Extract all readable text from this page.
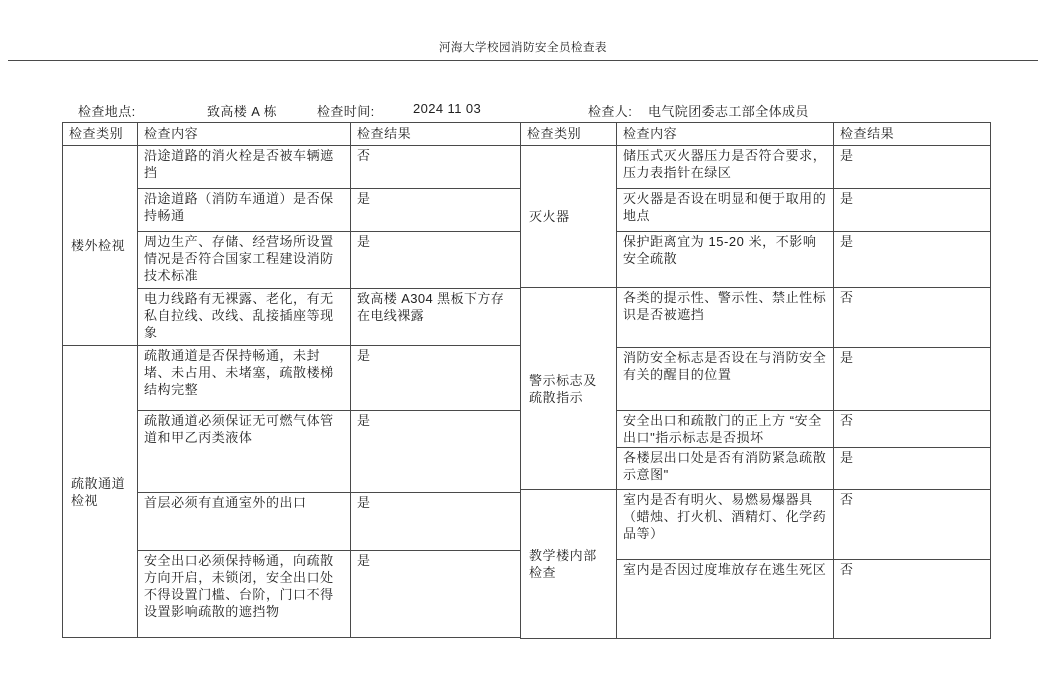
河海大学校园消防安全员检查表
检查地点:	致高楼 A 栋	检查时间:	2024 11 03	检查人: 电气院团委志工部全体成员
检查类别	检查内容	检查结果
楼外检视	沿途道路的消火栓是否被车辆遮挡	否
	沿途道路（消防车通道）是否保持畅通	是
	周边生产、存储、经营场所设置情况是否符合国家工程建设消防技术标准	是
	电力线路有无裸露、老化，有无私自拉线、改线、乱接插座等现象	致高楼 A304 黑板下方存在电线裸露
疏散通道检视	疏散通道是否保持畅通，未封堵、未占用、未堵塞，疏散楼梯结构完整	是
	疏散通道必须保证无可燃气体管道和甲乙丙类液体	是
	首层必须有直通室外的出口	是
	安全出口必须保持畅通，向疏散方向开启，未锁闭，安全出口处不得设置门槛、台阶，门口不得设置影响疏散的遮挡物	是
检查类别	检查内容	检查结果
灭火器	储压式灭火器压力是否符合要求，压力表指针在绿区	是
	灭火器是否设在明显和便于取用的地点	是
	保护距离宜为 15-20 米，不影响安全疏散	是
警示标志及疏散指示	各类的提示性、警示性、禁止性标识是否被遮挡	否
	消防安全标志是否设在与消防安全有关的醒目的位置	是
	安全出口和疏散门的正上方 “安全出口"指示标志是否损坏	否
	各楼层出口处是否有消防紧急疏散示意图"	是
教学楼内部检查	室内是否有明火、易燃易爆器具（蜡烛、打火机、酒精灯、化学药品等）	否
	室内是否因过度堆放存在逃生死区	否
